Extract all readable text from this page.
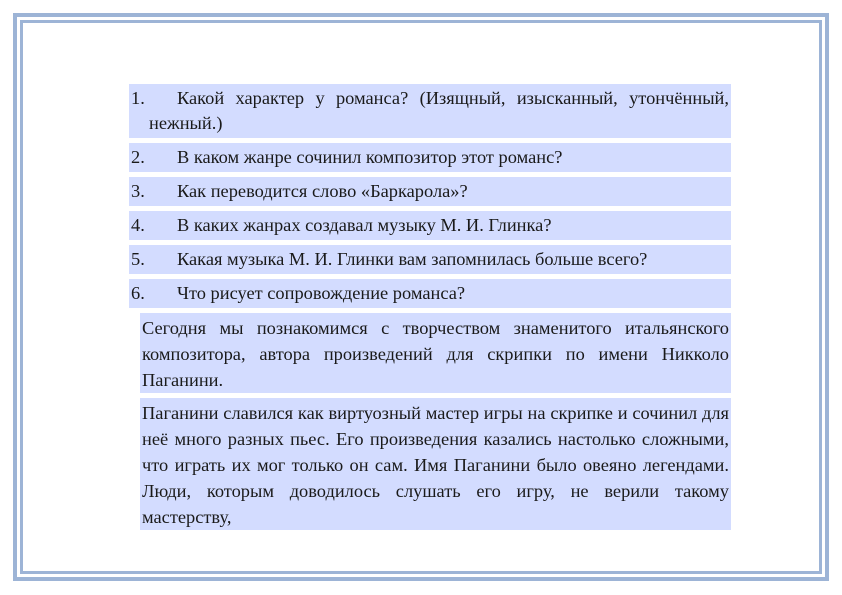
1.	Какой характер у романса? (Изящный, изысканный, утончённый, нежный.)
2.	В каком жанре сочинил композитор этот романс?
3.	Как переводится слово «Баркарола»?
4.	В каких жанрах создавал музыку М. И. Глинка?
5.	Какая музыка М. И. Глинки вам запомнилась больше всего?
6.	Что рисует сопровождение романса?

Сегодня мы познакомимся с творчеством знаменитого итальянского композитора, автора произведений для скрипки по имени Никколо Паганини.

Паганини славился как виртуозный мастер игры на скрипке и сочинил для неё много разных пьес. Его произведения казались настолько сложными, что играть их мог только он сам. Имя Паганини было овеяно легендами. Люди, которым доводилось слушать его игру, не верили такому мастерству,
